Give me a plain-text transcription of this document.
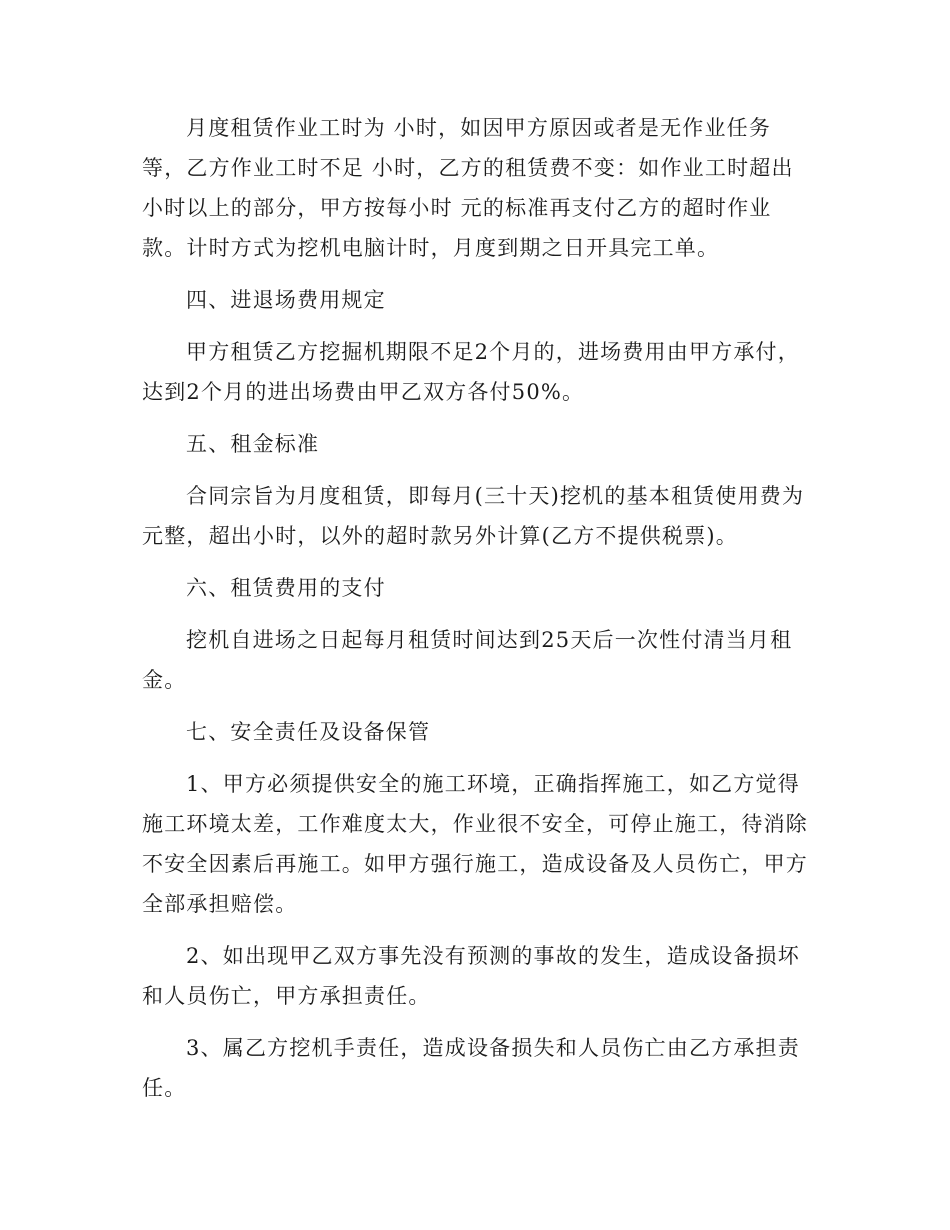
月度租赁作业工时为 小时，如因甲方原因或者是无作业任务等，乙方作业工时不足 小时，乙方的租赁费不变：如作业工时超出小时以上的部分，甲方按每小时 元的标准再支付乙方的超时作业款。计时方式为挖机电脑计时，月度到期之日开具完工单。

四、进退场费用规定

甲方租赁乙方挖掘机期限不足2个月的，进场费用由甲方承付，达到2个月的进出场费由甲乙双方各付50%。

五、租金标准

合同宗旨为月度租赁，即每月(三十天)挖机的基本租赁使用费为元整，超出小时，以外的超时款另外计算(乙方不提供税票)。

六、租赁费用的支付

挖机自进场之日起每月租赁时间达到25天后一次性付清当月租金。

七、安全责任及设备保管

1、甲方必须提供安全的施工环境，正确指挥施工，如乙方觉得施工环境太差，工作难度太大，作业很不安全，可停止施工，待消除不安全因素后再施工。如甲方强行施工，造成设备及人员伤亡，甲方全部承担赔偿。

2、如出现甲乙双方事先没有预测的事故的发生，造成设备损坏和人员伤亡，甲方承担责任。

3、属乙方挖机手责任，造成设备损失和人员伤亡由乙方承担责任。
